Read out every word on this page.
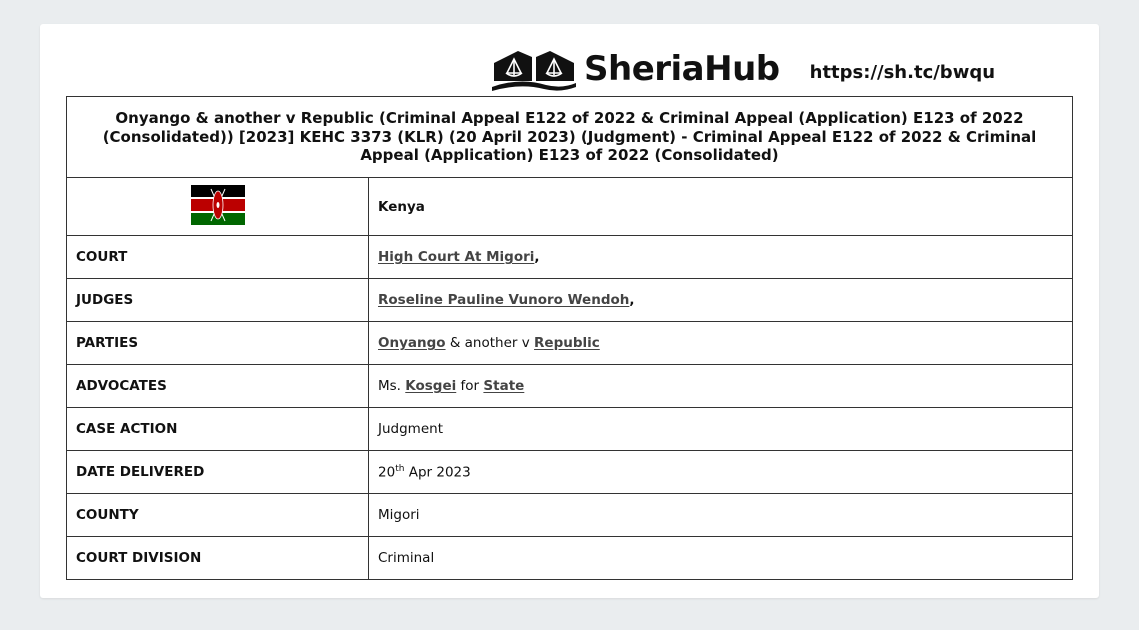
SheriaHub https://sh.tc/bwqu
Onyango & another v Republic (Criminal Appeal E122 of 2022 & Criminal Appeal (Application) E123 of 2022 (Consolidated)) [2023] KEHC 3373 (KLR) (20 April 2023) (Judgment) - Criminal Appeal E122 of 2022 & Criminal Appeal (Application) E123 of 2022 (Consolidated)	
	Kenya
COURT	High Court At Migori,
JUDGES	Roseline Pauline Vunoro Wendoh,
PARTIES	Onyango & another v Republic
ADVOCATES	Ms. Kosgei for State
CASE ACTION	Judgment
DATE DELIVERED	20th Apr 2023
COUNTY	Migori
COURT DIVISION	Criminal
